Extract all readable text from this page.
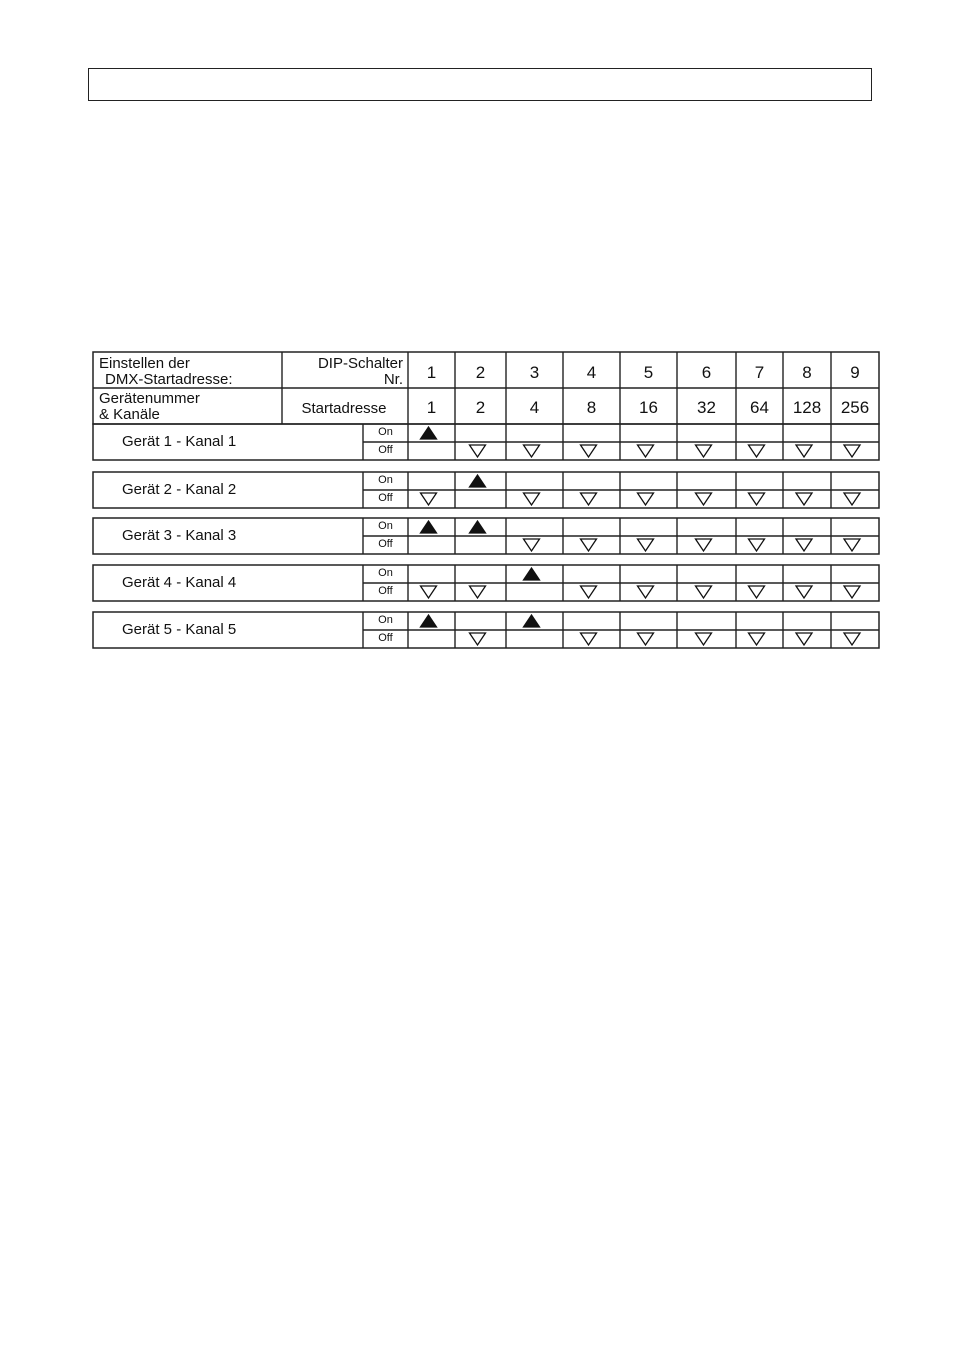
Einstellen der
DMX-Startadresse:
Gerätenummer
& Kanäle
DIP-Schalter
Nr.
Startadresse
1
1
2
2
3
4
4
8
5
16
6
32
7
64
8
128
9
256
Gerät 1 - Kanal 1
On
Off
Gerät 2 - Kanal 2
On
Off
Gerät 3 - Kanal 3
On
Off
Gerät 4 - Kanal 4
On
Off
Gerät 5 - Kanal 5
On
Off
